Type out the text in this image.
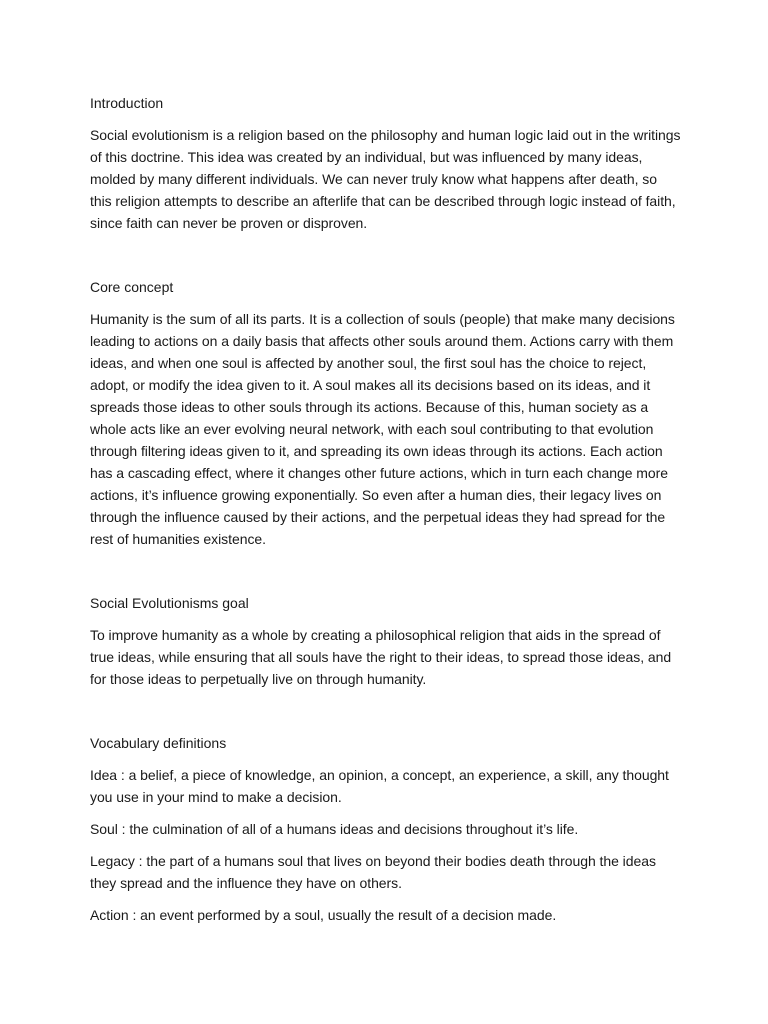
Introduction

Social evolutionism is a religion based on the philosophy and human logic laid out in the writings of this doctrine. This idea was created by an individual, but was influenced by many ideas, molded by many different individuals. We can never truly know what happens after death, so this religion attempts to describe an afterlife that can be described through logic instead of faith, since faith can never be proven or disproven.

Core concept

Humanity is the sum of all its parts. It is a collection of souls (people) that make many decisions leading to actions on a daily basis that affects other souls around them. Actions carry with them ideas, and when one soul is affected by another soul, the first soul has the choice to reject, adopt, or modify the idea given to it. A soul makes all its decisions based on its ideas, and it spreads those ideas to other souls through its actions. Because of this, human society as a whole acts like an ever evolving neural network, with each soul contributing to that evolution through filtering ideas given to it, and spreading its own ideas through its actions. Each action has a cascading effect, where it changes other future actions, which in turn each change more actions, it’s influence growing exponentially. So even after a human dies, their legacy lives on through the influence caused by their actions, and the perpetual ideas they had spread for the rest of humanities existence.

Social Evolutionisms goal

To improve humanity as a whole by creating a philosophical religion that aids in the spread of true ideas, while ensuring that all souls have the right to their ideas, to spread those ideas, and for those ideas to perpetually live on through humanity.

Vocabulary definitions

Idea : a belief, a piece of knowledge, an opinion, a concept, an experience, a skill, any thought you use in your mind to make a decision.

Soul : the culmination of all of a humans ideas and decisions throughout it’s life.

Legacy : the part of a humans soul that lives on beyond their bodies death through the ideas they spread and the influence they have on others.

Action : an event performed by a soul, usually the result of a decision made.
